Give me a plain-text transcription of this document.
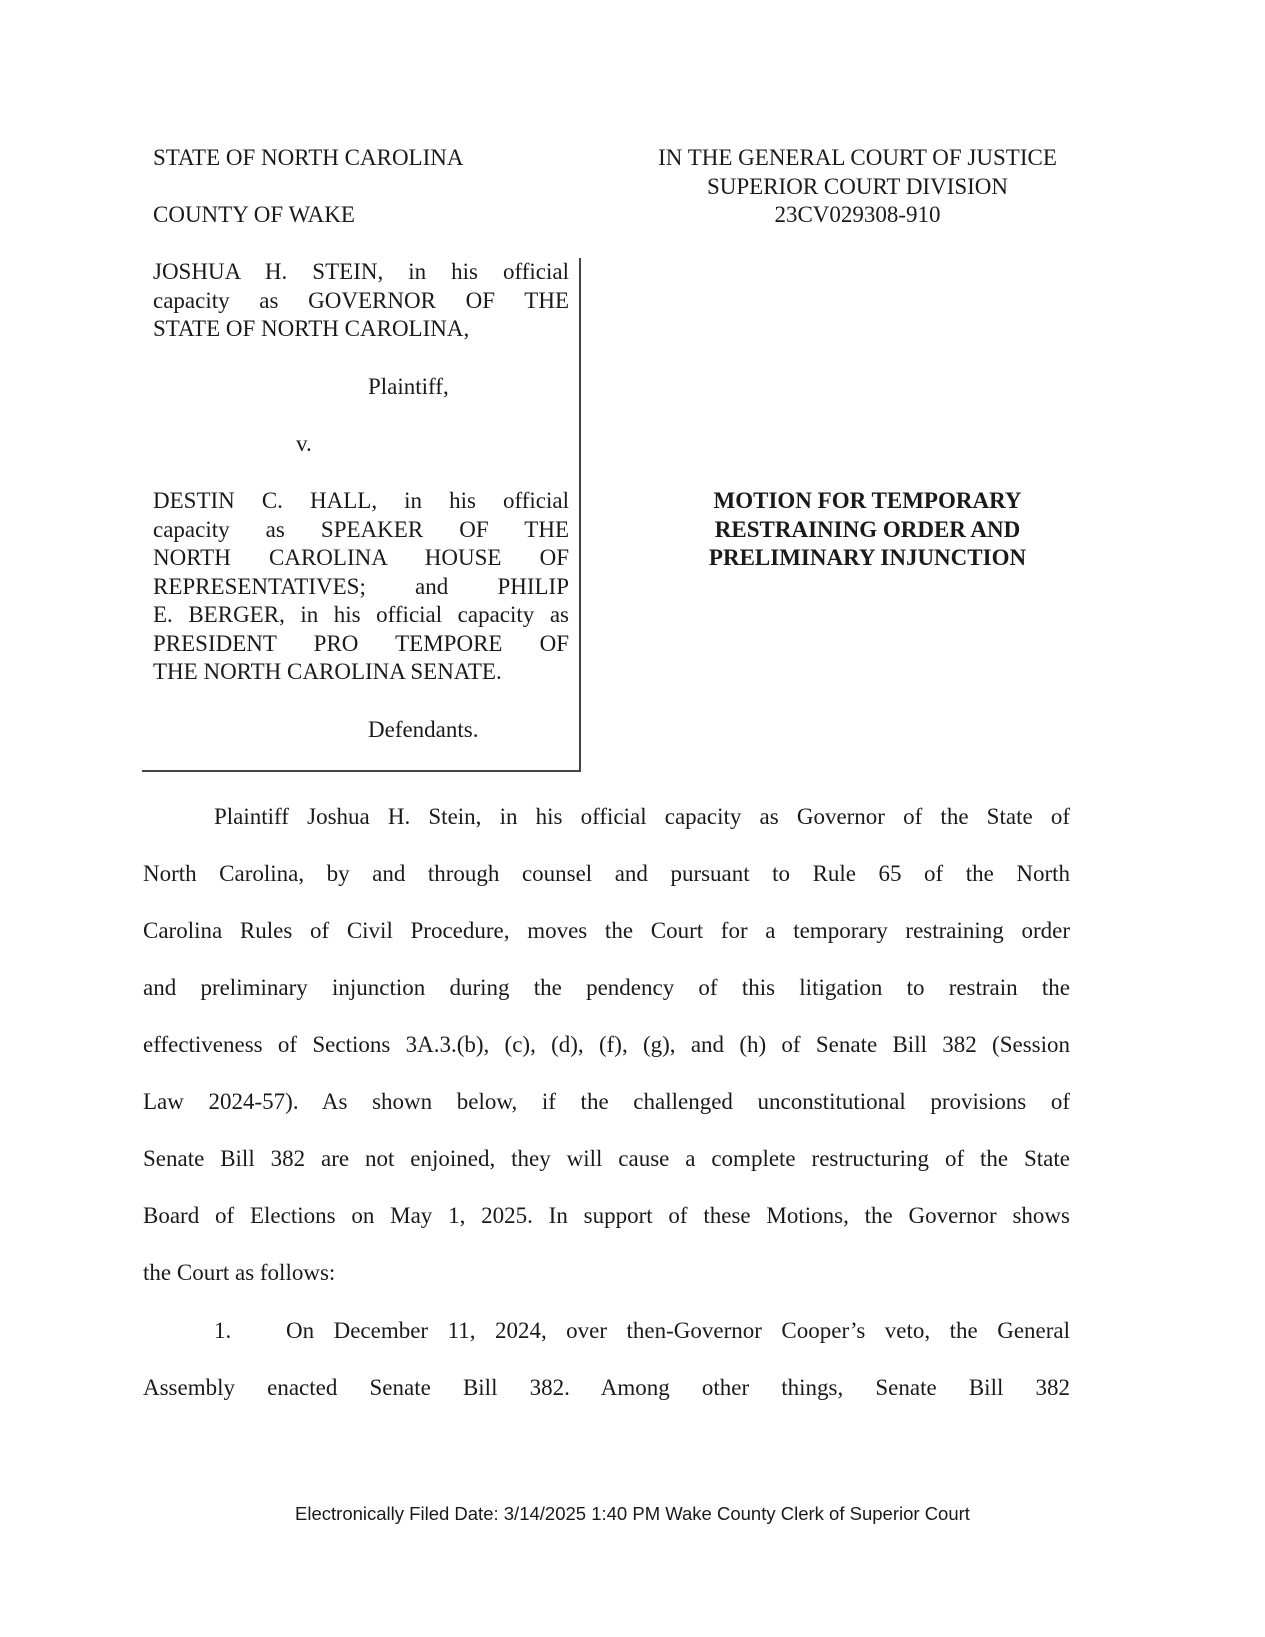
STATE OF NORTH CAROLINA
COUNTY OF WAKE
IN THE GENERAL COURT OF JUSTICE
SUPERIOR COURT DIVISION
23CV029308-910
JOSHUA H. STEIN, in his official
capacity as GOVERNOR OF THE
STATE OF NORTH CAROLINA,
Plaintiff,
v.
DESTIN C. HALL, in his official
capacity as SPEAKER OF THE
NORTH CAROLINA HOUSE OF
REPRESENTATIVES; and PHILIP
E. BERGER, in his official capacity as
PRESIDENT PRO TEMPORE OF
THE NORTH CAROLINA SENATE.
Defendants.
MOTION FOR TEMPORARY
RESTRAINING ORDER AND
PRELIMINARY INJUNCTION
Plaintiff Joshua H. Stein, in his official capacity as Governor of the State of
North Carolina, by and through counsel and pursuant to Rule 65 of the North
Carolina Rules of Civil Procedure, moves the Court for a temporary restraining order
and preliminary injunction during the pendency of this litigation to restrain the
effectiveness of Sections 3A.3.(b), (c), (d), (f), (g), and (h) of Senate Bill 382 (Session
Law 2024-57). As shown below, if the challenged unconstitutional provisions of
Senate Bill 382 are not enjoined, they will cause a complete restructuring of the State
Board of Elections on May 1, 2025. In support of these Motions, the Governor shows
the Court as follows:
1. On December 11, 2024, over then-Governor Cooper’s veto, the General
Assembly enacted Senate Bill 382. Among other things, Senate Bill 382
Electronically Filed Date: 3/14/2025 1:40 PM Wake County Clerk of Superior Court
